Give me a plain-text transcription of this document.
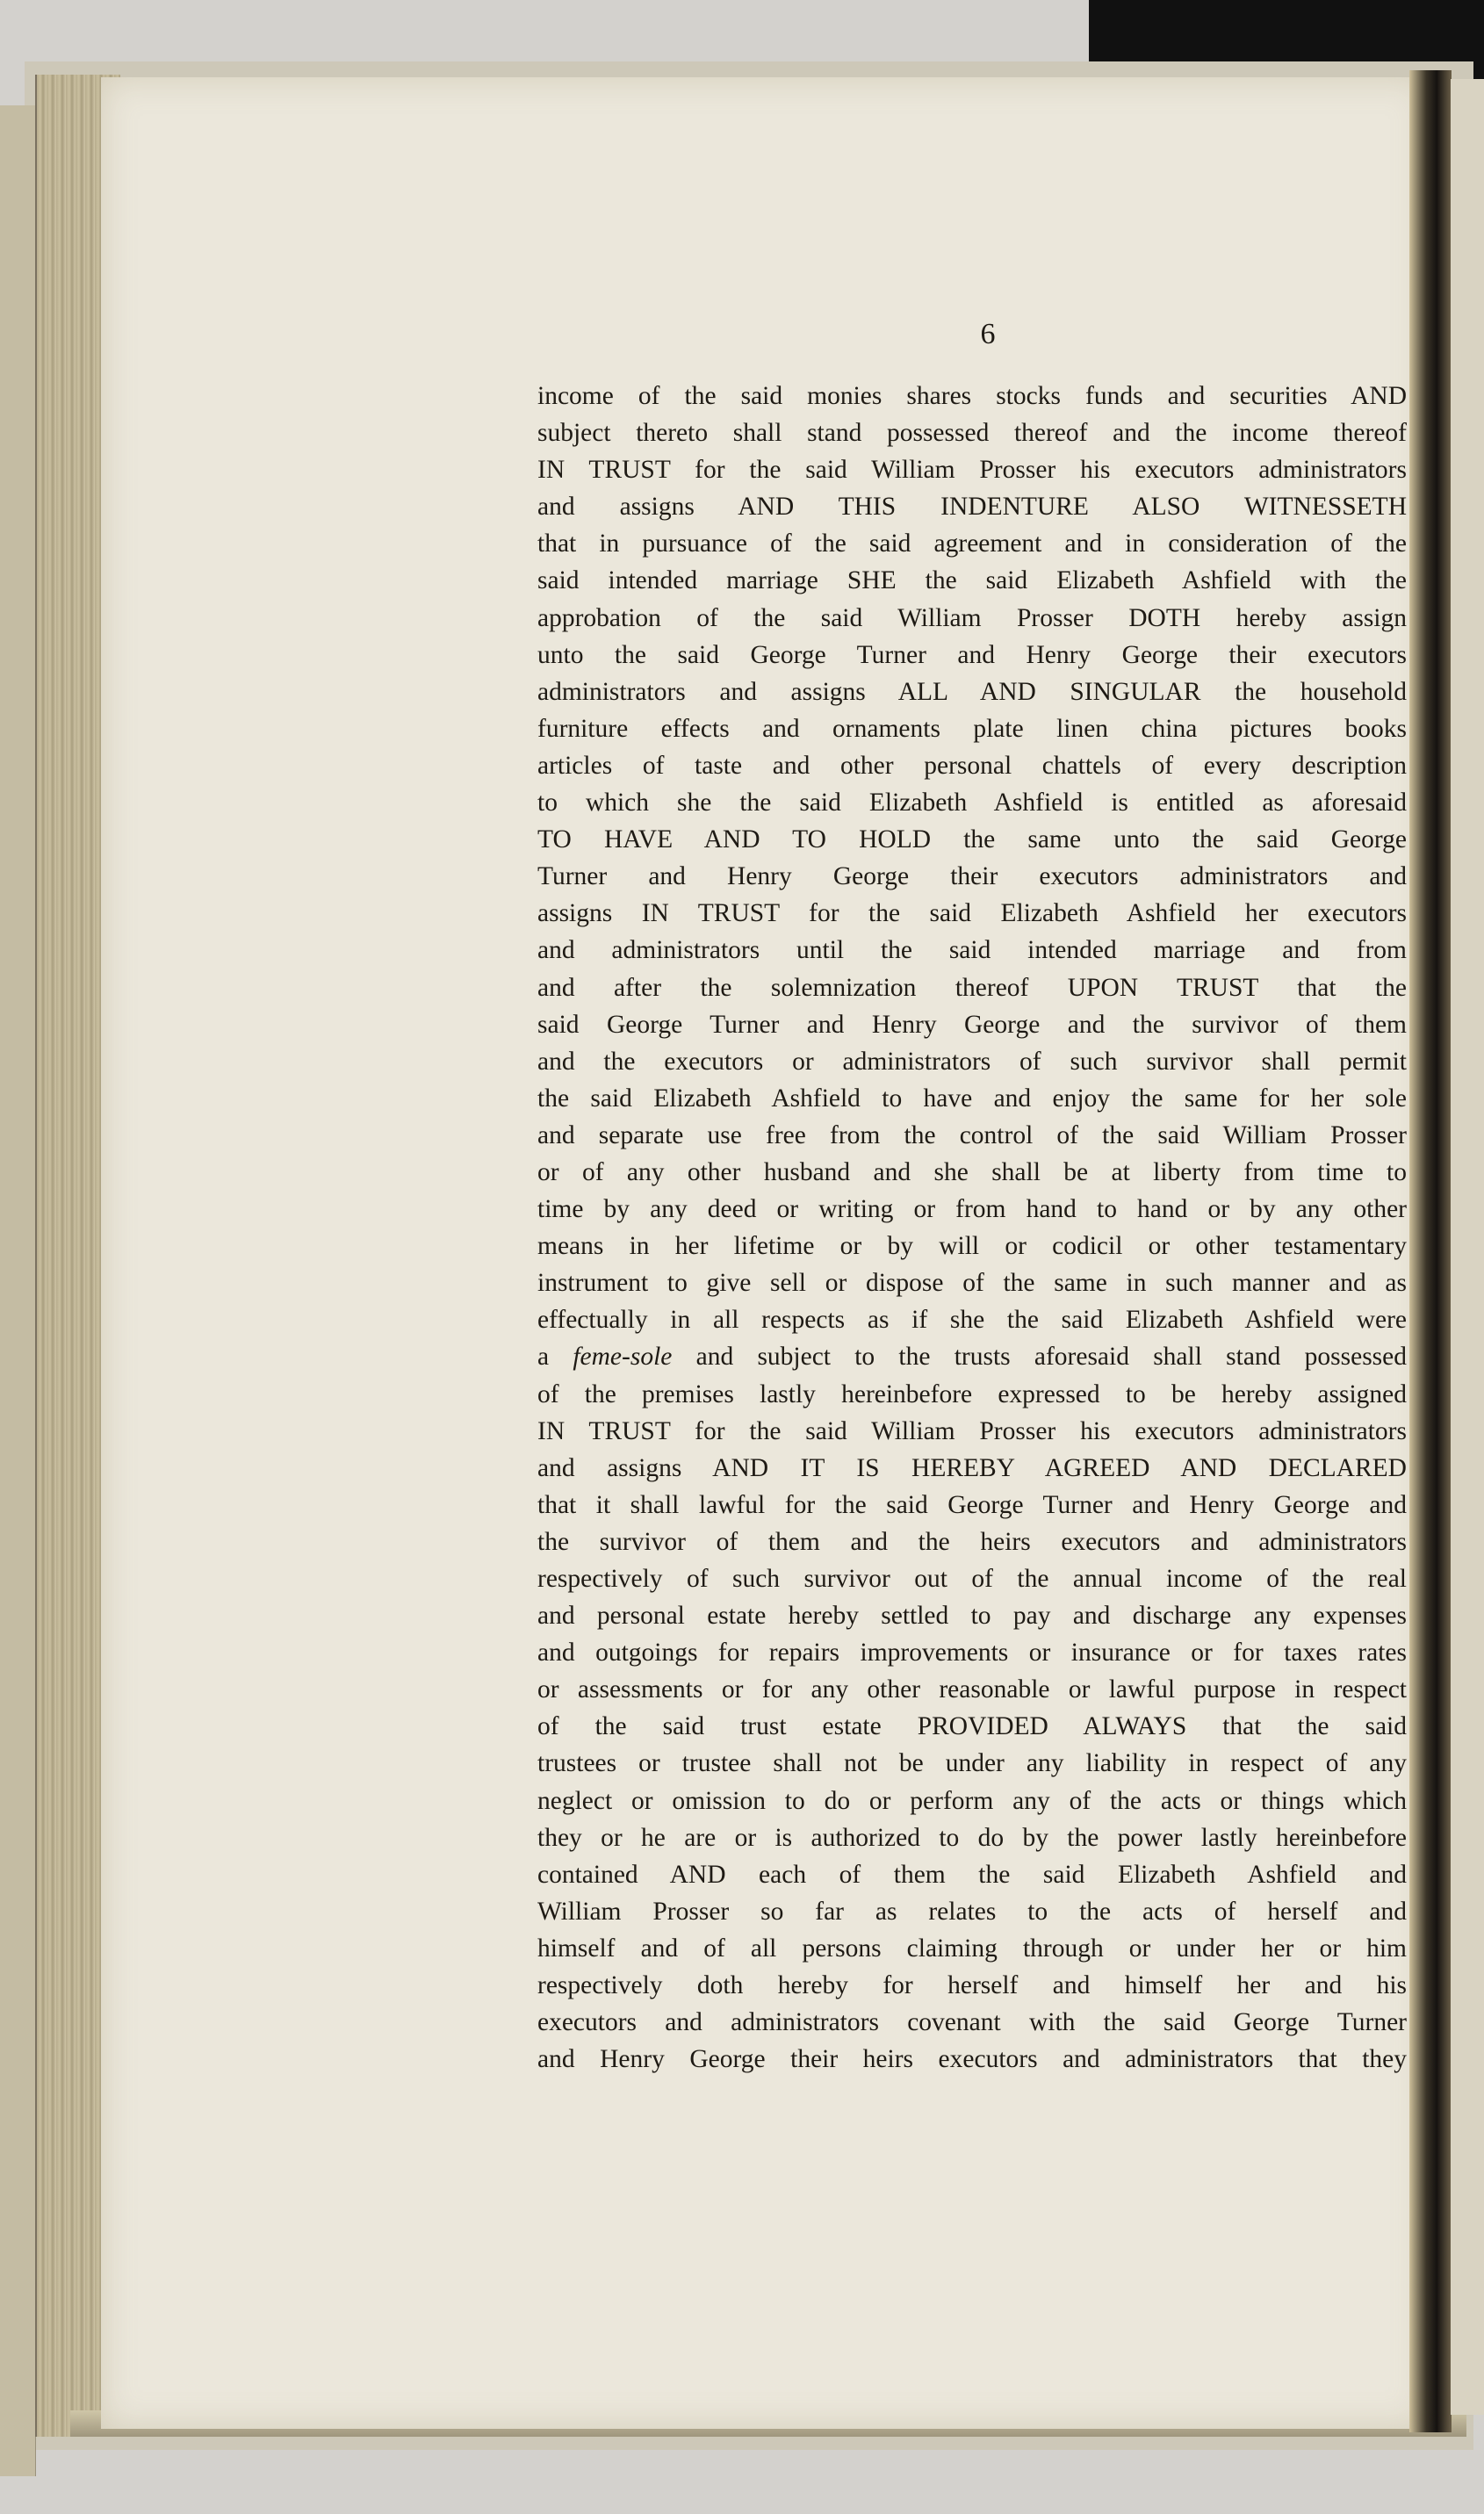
6
income of the said monies shares stocks funds and securities AND
subject thereto shall stand possessed thereof and the income thereof
IN TRUST for the said William Prosser his executors administrators
and assigns AND THIS INDENTURE ALSO WITNESSETH
that in pursuance of the said agreement and in consideration of the
said intended marriage SHE the said Elizabeth Ashfield with the
approbation of the said William Prosser DOTH hereby assign
unto the said George Turner and Henry George their executors
administrators and assigns ALL AND SINGULAR the household
furniture effects and ornaments plate linen china pictures books
articles of taste and other personal chattels of every description
to which she the said Elizabeth Ashfield is entitled as aforesaid
TO HAVE AND TO HOLD the same unto the said George
Turner and Henry George their executors administrators and
assigns IN TRUST for the said Elizabeth Ashfield her executors
and administrators until the said intended marriage and from
and after the solemnization thereof UPON TRUST that the
said George Turner and Henry George and the survivor of them
and the executors or administrators of such survivor shall permit
the said Elizabeth Ashfield to have and enjoy the same for her sole
and separate use free from the control of the said William Prosser
or of any other husband and she shall be at liberty from time to
time by any deed or writing or from hand to hand or by any other
means in her lifetime or by will or codicil or other testamentary
instrument to give sell or dispose of the same in such manner and as
effectually in all respects as if she the said Elizabeth Ashfield were
a feme-sole and subject to the trusts aforesaid shall stand possessed
of the premises lastly hereinbefore expressed to be hereby assigned
IN TRUST for the said William Prosser his executors administrators
and assigns AND IT IS HEREBY AGREED AND DECLARED
that it shall lawful for the said George Turner and Henry George and
the survivor of them and the heirs executors and administrators
respectively of such survivor out of the annual income of the real
and personal estate hereby settled to pay and discharge any expenses
and outgoings for repairs improvements or insurance or for taxes rates
or assessments or for any other reasonable or lawful purpose in respect
of the said trust estate PROVIDED ALWAYS that the said
trustees or trustee shall not be under any liability in respect of any
neglect or omission to do or perform any of the acts or things which
they or he are or is authorized to do by the power lastly hereinbefore
contained AND each of them the said Elizabeth Ashfield and
William Prosser so far as relates to the acts of herself and
himself and of all persons claiming through or under her or him
respectively doth hereby for herself and himself her and his
executors and administrators covenant with the said George Turner
and Henry George their heirs executors and administrators that they
